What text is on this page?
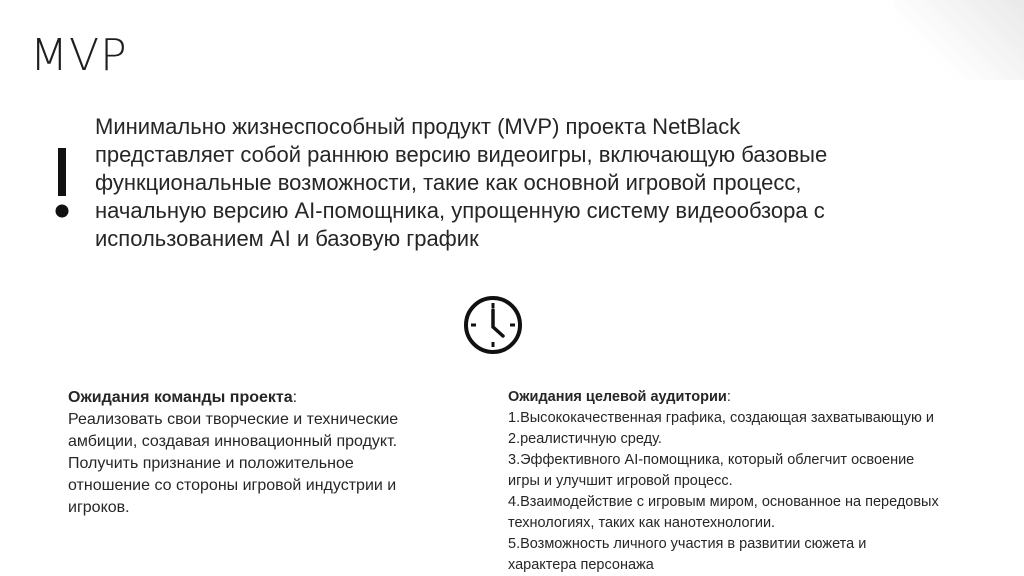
MVP
Минимально жизнеспособный продукт (MVP) проекта NetBlack
представляет собой раннюю версию видеоигры, включающую базовые
функциональные возможности, такие как основной игровой процесс,
начальную версию AI-помощника, упрощенную систему видеообзора с
использованием AI и базовую график
Ожидания команды проекта:
Реализовать свои творческие и технические
амбиции, создавая инновационный продукт.
Получить признание и положительное
отношение со стороны игровой индустрии и
игроков.
Ожидания целевой аудитории:
1.Высококачественная графика, создающая захватывающую и
2.реалистичную среду.
3.Эффективного AI-помощника, который облегчит освоение
игры и улучшит игровой процесс.
4.Взаимодействие с игровым миром, основанное на передовых
технологиях, таких как нанотехнологии.
5.Возможность личного участия в развитии сюжета и
характера персонажа
